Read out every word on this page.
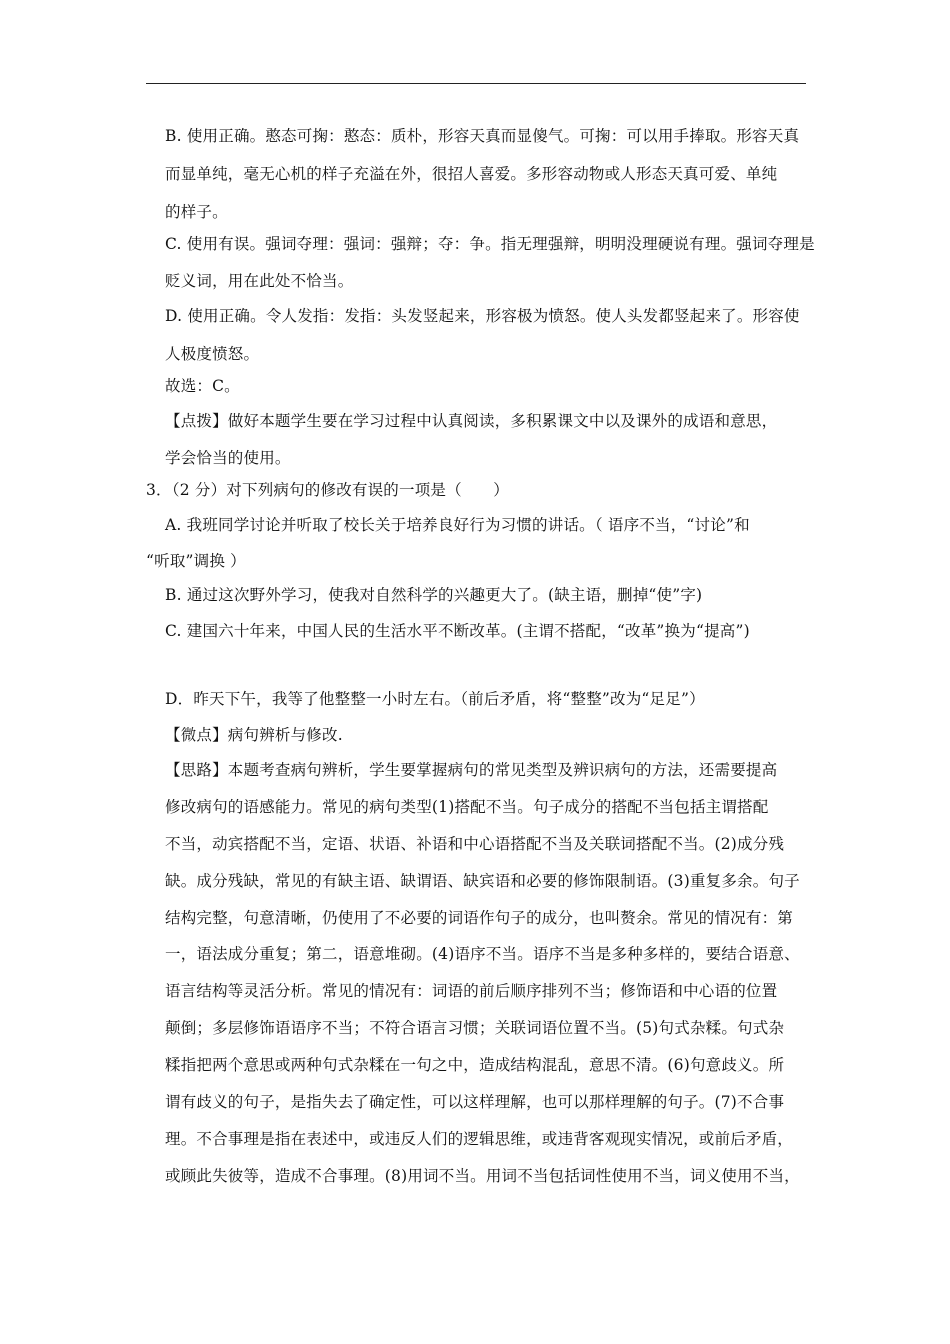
B. 使用正确。憨态可掬：憨态：质朴，形容天真而显傻气。可掬：可以用手捧取。形容天真
而显单纯，毫无心机的样子充溢在外，很招人喜爱。多形容动物或人形态天真可爱、单纯
的样子。
C. 使用有误。强词夺理：强词：强辩；夺：争。指无理强辩，明明没理硬说有理。强词夺理是
贬义词，用在此处不恰当。
D. 使用正确。令人发指：发指：头发竖起来，形容极为愤怒。使人头发都竖起来了。形容使
人极度愤怒。
故选：C。
【点拨】做好本题学生要在学习过程中认真阅读，多积累课文中以及课外的成语和意思，
学会恰当的使用。
3．（2 分）对下列病句的修改有误的一项是（　　）
A. 我班同学讨论并听取了校长关于培养良好行为习惯的讲话。（ 语序不当，“讨论”和
“听取”调换 ）
B. 通过这次野外学习，使我对自然科学的兴趣更大了。(缺主语，删掉“使”字)
C. 建国六十年来，中国人民的生活水平不断改革。(主谓不搭配，“改革”换为“提高”)
D．昨天下午，我等了他整整一小时左右。（前后矛盾，将“整整”改为“足足”）
【微点】病句辨析与修改.
【思路】本题考查病句辨析，学生要掌握病句的常见类型及辨识病句的方法，还需要提高
修改病句的语感能力。常见的病句类型(1)搭配不当。句子成分的搭配不当包括主谓搭配
不当，动宾搭配不当，定语、状语、补语和中心语搭配不当及关联词搭配不当。(2)成分残
缺。成分残缺，常见的有缺主语、缺谓语、缺宾语和必要的修饰限制语。(3)重复多余。句子
结构完整，句意清晰，仍使用了不必要的词语作句子的成分，也叫赘余。常见的情况有：第
一，语法成分重复；第二，语意堆砌。(4)语序不当。语序不当是多种多样的，要结合语意、
语言结构等灵活分析。常见的情况有：词语的前后顺序排列不当；修饰语和中心语的位置
颠倒；多层修饰语语序不当；不符合语言习惯；关联词语位置不当。(5)句式杂糅。句式杂
糅指把两个意思或两种句式杂糅在一句之中，造成结构混乱，意思不清。(6)句意歧义。所
谓有歧义的句子，是指失去了确定性，可以这样理解，也可以那样理解的句子。(7)不合事
理。不合事理是指在表述中，或违反人们的逻辑思维，或违背客观现实情况，或前后矛盾，
或顾此失彼等，造成不合事理。(8)用词不当。用词不当包括词性使用不当，词义使用不当，
